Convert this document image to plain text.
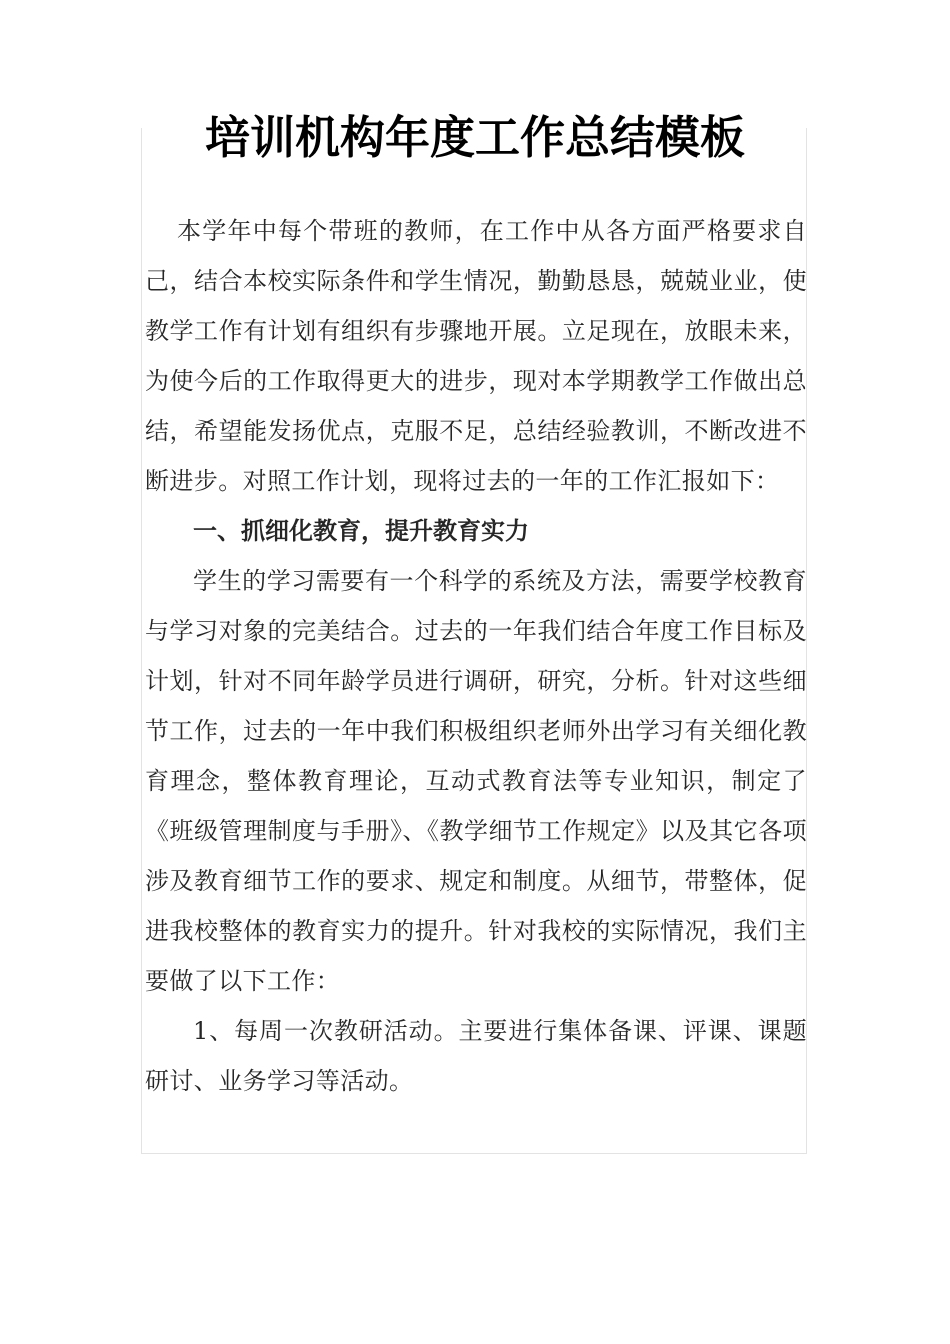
培训机构年度工作总结模板

本学年中每个带班的教师，在工作中从各方面严格要求自己，结合本校实际条件和学生情况，勤勤恳恳，兢兢业业，使教学工作有计划有组织有步骤地开展。立足现在，放眼未来，为使今后的工作取得更大的进步，现对本学期教学工作做出总结，希望能发扬优点，克服不足，总结经验教训，不断改进不断进步。对照工作计划，现将过去的一年的工作汇报如下：

一、抓细化教育，提升教育实力

学生的学习需要有一个科学的系统及方法，需要学校教育与学习对象的完美结合。过去的一年我们结合年度工作目标及计划，针对不同年龄学员进行调研，研究，分析。针对这些细节工作，过去的一年中我们积极组织老师外出学习有关细化教育理念，整体教育理论，互动式教育法等专业知识，制定了《班级管理制度与手册》、《教学细节工作规定》以及其它各项涉及教育细节工作的要求、规定和制度。从细节，带整体，促进我校整体的教育实力的提升。针对我校的实际情况，我们主要做了以下工作：

1、每周一次教研活动。主要进行集体备课、评课、课题研讨、业务学习等活动。
